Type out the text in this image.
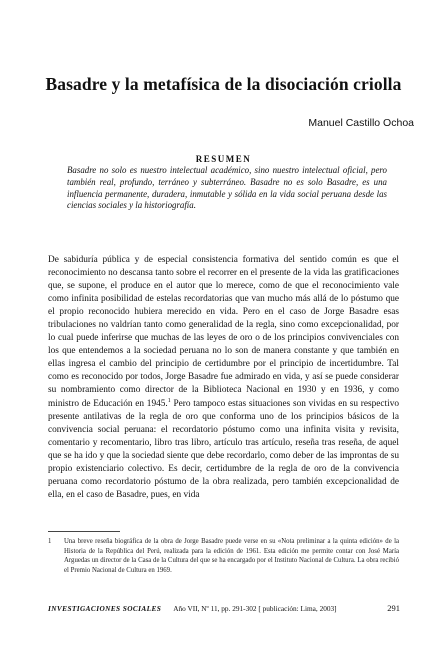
Basadre y la metafísica de la disociación criolla
Manuel Castillo Ochoa
RESUMEN
Basadre no solo es nuestro intelectual académico, sino nuestro intelectual oficial, pero también real, profundo, terráneo y subterráneo. Basadre no es solo Basadre, es una influencia permanente, duradera, inmutable y sólida en la vida social peruana desde las ciencias sociales y la historiografía.
De sabiduría pública y de especial consistencia formativa del sentido común es que el reconocimiento no descansa tanto sobre el recorrer en el presente de la vida las gratificaciones que, se supone, el produce en el autor que lo merece, como de que el reconocimiento vale como infinita posibilidad de estelas recordatorias que van mucho más allá de lo póstumo que el propio reconocido hubiera merecido en vida. Pero en el caso de Jorge Basadre esas tribulaciones no valdrían tanto como generalidad de la regla, sino como excepcionalidad, por lo cual puede inferirse que muchas de las leyes de oro o de los principios convivenciales con los que entendemos a la sociedad peruana no lo son de manera constante y que también en ellas ingresa el cambio del principio de certidumbre por el principio de incertidumbre. Tal como es reconocido por todos, Jorge Basadre fue admirado en vida, y así se puede considerar su nombramiento como director de la Biblioteca Nacional en 1930 y en 1936, y como ministro de Educación en 1945.$^1$ Pero tampoco estas situaciones son vividas en su respectivo presente antilativas de la regla de oro que conforma uno de los principios básicos de la convivencia social peruana: el recordatorio póstumo como una infinita visita y revisita, comentario y recomentario, libro tras libro, artículo tras artículo, reseña tras reseña, de aquel que se ha ido y que la sociedad siente que debe recordarlo, como deber de las improntas de su propio existenciario colectivo. Es decir, certidumbre de la regla de oro de la convivencia peruana como recordatorio póstumo de la obra realizada, pero también excepcionalidad de ella, en el caso de Basadre, pues, en vida
1	Una breve reseña biográfica de la obra de Jorge Basadre puede verse en su «Nota preliminar a la quinta edición» de la Historia de la República del Perú, realizada para la edición de 1961. Esta edición me permite contar con José María Arguedas un director de la Casa de la Cultura del que se ha encargado por el Instituto Nacional de Cultura. La obra recibió el Premio Nacional de Cultura en 1969.
INVESTIGACIONES SOCIALES Año VII, Nº 11, pp. 291-302 [ publicación: Lima, 2003]	291
